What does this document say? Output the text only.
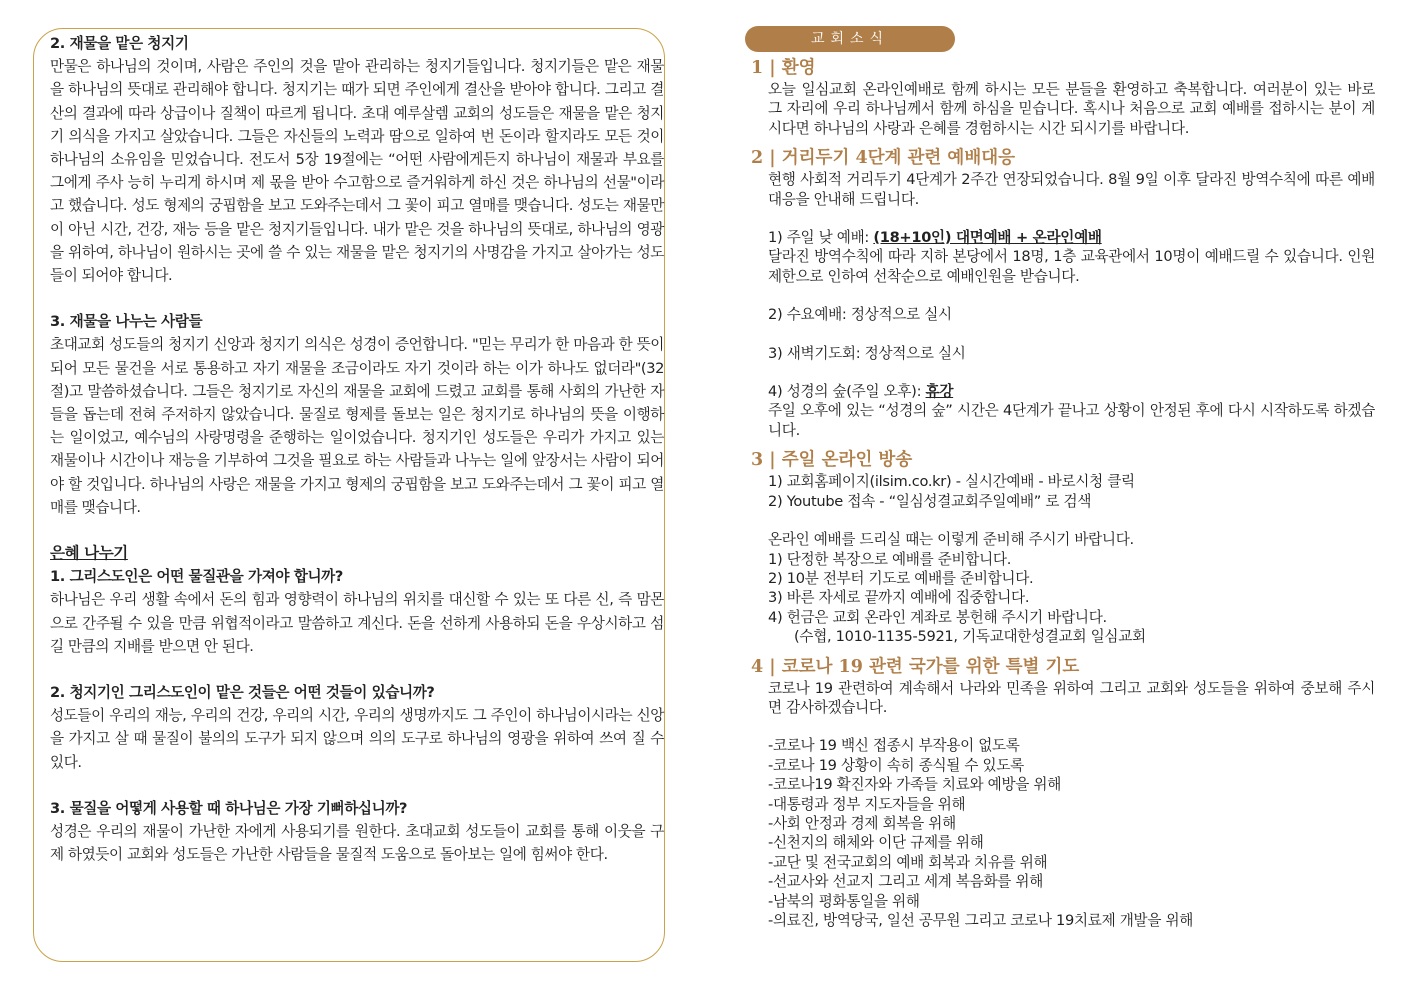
2. 재물을 맡은 청지기

만물은 하나님의 것이며, 사람은 주인의 것을 맡아 관리하는 청지기들입니다. 청지기들은 맡은 재물을 하나님의 뜻대로 관리해야 합니다. 청지기는 때가 되면 주인에게 결산을 받아야 합니다. 그리고 결산의 결과에 따라 상급이나 질책이 따르게 됩니다. 초대 예루살렘 교회의 성도들은 재물을 맡은 청지기 의식을 가지고 살았습니다. 그들은 자신들의 노력과 땀으로 일하여 번 돈이라 할지라도 모든 것이 하나님의 소유임을 믿었습니다. 전도서 5장 19절에는 “어떤 사람에게든지 하나님이 재물과 부요를 그에게 주사 능히 누리게 하시며 제 몫을 받아 수고함으로 즐거워하게 하신 것은 하나님의 선물"이라고 했습니다. 성도 형제의 궁핍함을 보고 도와주는데서 그 꽃이 피고 열매를 맺습니다. 성도는 재물만이 아닌 시간, 건강, 재능 등을 맡은 청지기들입니다. 내가 맡은 것을 하나님의 뜻대로, 하나님의 영광을 위하여, 하나님이 원하시는 곳에 쓸 수 있는 재물을 맡은 청지기의 사명감을 가지고 살아가는 성도들이 되어야 합니다.

3. 재물을 나누는 사람들

초대교회 성도들의 청지기 신앙과 청지기 의식은 성경이 증언합니다. "믿는 무리가 한 마음과 한 뜻이 되어 모든 물건을 서로 통용하고 자기 재물을 조금이라도 자기 것이라 하는 이가 하나도 없더라"(32절)고 말씀하셨습니다. 그들은 청지기로 자신의 재물을 교회에 드렸고 교회를 통해 사회의 가난한 자들을 돕는데 전혀 주저하지 않았습니다. 물질로 형제를 돌보는 일은 청지기로 하나님의 뜻을 이행하는 일이었고, 예수님의 사랑명령을 준행하는 일이었습니다. 청지기인 성도들은 우리가 가지고 있는 재물이나 시간이나 재능을 기부하여 그것을 필요로 하는 사람들과 나누는 일에 앞장서는 사람이 되어야 할 것입니다. 하나님의 사랑은 재물을 가지고 형제의 궁핍함을 보고 도와주는데서 그 꽃이 피고 열매를 맺습니다.

은혜 나누기

1. 그리스도인은 어떤 물질관을 가져야 합니까?

하나님은 우리 생활 속에서 돈의 힘과 영향력이 하나님의 위치를 대신할 수 있는 또 다른 신, 즉 맘몬으로 간주될 수 있을 만큼 위협적이라고 말씀하고 계신다. 돈을 선하게 사용하되 돈을 우상시하고 섬길 만큼의 지배를 받으면 안 된다.

2. 청지기인 그리스도인이 맡은 것들은 어떤 것들이 있습니까?

성도들이 우리의 재능, 우리의 건강, 우리의 시간, 우리의 생명까지도 그 주인이 하나님이시라는 신앙을 가지고 살 때 물질이 불의의 도구가 되지 않으며 의의 도구로 하나님의 영광을 위하여 쓰여 질 수 있다.

3. 물질을 어떻게 사용할 때 하나님은 가장 기뻐하십니까?

성경은 우리의 재물이 가난한 자에게 사용되기를 원한다. 초대교회 성도들이 교회를 통해 이웃을 구제 하였듯이 교회와 성도들은 가난한 사람들을 물질적 도움으로 돌아보는 일에 힘써야 한다.

교회소식

1 | 환영

오늘 일심교회 온라인예배로 함께 하시는 모든 분들을 환영하고 축복합니다. 여러분이 있는 바로 그 자리에 우리 하나님께서 함께 하심을 믿습니다. 혹시나 처음으로 교회 예배를 접하시는 분이 계시다면 하나님의 사랑과 은혜를 경험하시는 시간 되시기를 바랍니다.

2 | 거리두기 4단계 관련 예배대응

현행 사회적 거리두기 4단계가 2주간 연장되었습니다. 8월 9일 이후 달라진 방역수칙에 따른 예배 대응을 안내해 드립니다.

1) 주일 낮 예배: (18+10인) 대면예배 + 온라인예배

달라진 방역수칙에 따라 지하 본당에서 18명, 1층 교육관에서 10명이 예배드릴 수 있습니다. 인원 제한으로 인하여 선착순으로 예배인원을 받습니다.

2) 수요예배: 정상적으로 실시

3) 새벽기도회: 정상적으로 실시

4) 성경의 숲(주일 오후): 휴강

주일 오후에 있는 “성경의 숲” 시간은 4단계가 끝나고 상황이 안정된 후에 다시 시작하도록 하겠습니다.

3 | 주일 온라인 방송

1) 교회홈페이지(ilsim.co.kr) - 실시간예배 - 바로시청 클릭

2) Youtube 접속 - “일심성결교회주일예배” 로 검색

온라인 예배를 드리실 때는 이렇게 준비해 주시기 바랍니다.

1) 단정한 복장으로 예배를 준비합니다.

2) 10분 전부터 기도로 예배를 준비합니다.

3) 바른 자세로 끝까지 예배에 집중합니다.

4) 헌금은 교회 온라인 계좌로 봉헌해 주시기 바랍니다.

(수협, 1010-1135-5921, 기독교대한성결교회 일심교회

4 | 코로나 19 관련 국가를 위한 특별 기도

코로나 19 관련하여 계속해서 나라와 민족을 위하여 그리고 교회와 성도들을 위하여 중보해 주시면 감사하겠습니다.

-코로나 19 백신 접종시 부작용이 없도록

-코로나 19 상황이 속히 종식될 수 있도록

-코로나19 확진자와 가족들 치료와 예방을 위해

-대통령과 정부 지도자들을 위해

-사회 안정과 경제 회복을 위해

-신천지의 해체와 이단 규제를 위해

-교단 및 전국교회의 예배 회복과 치유를 위해

-선교사와 선교지 그리고 세계 복음화를 위해

-남북의 평화통일을 위해

-의료진, 방역당국, 일선 공무원 그리고 코로나 19치료제 개발을 위해
